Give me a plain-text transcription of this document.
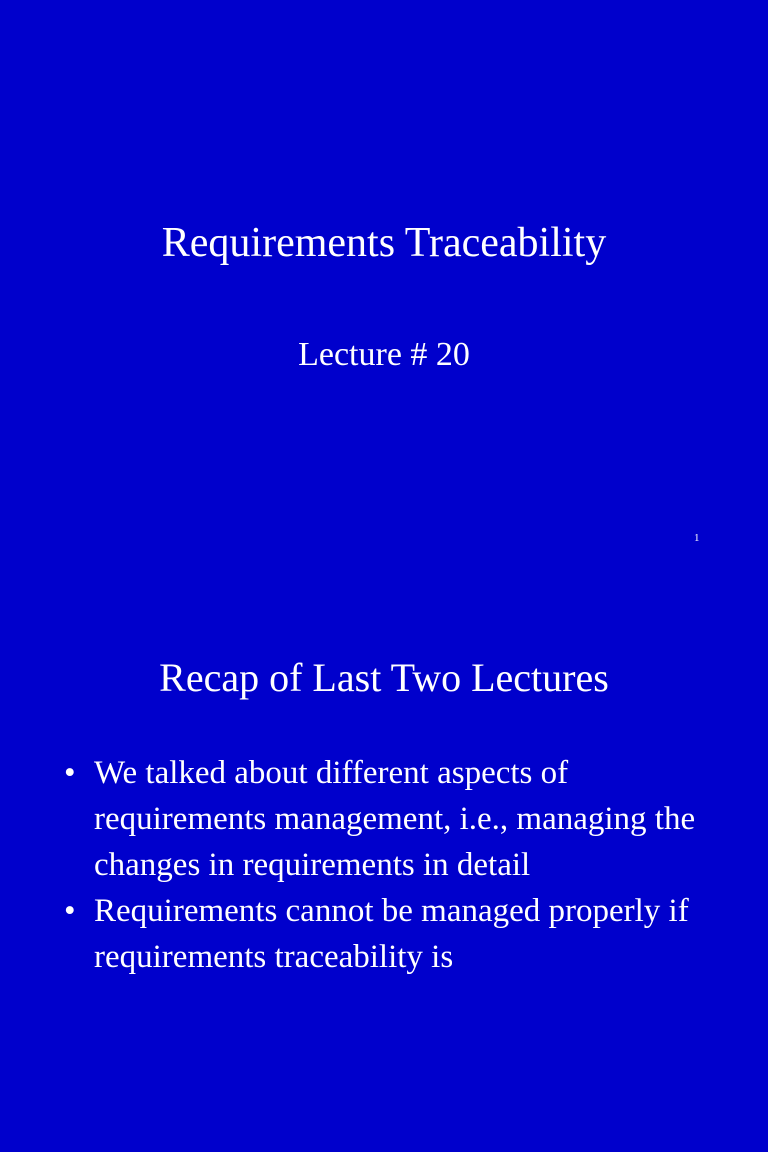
Requirements Traceability
Lecture # 20
1
Recap of Last Two Lectures
• We talked about different aspects of requirements management, i.e., managing the changes in requirements in detail
• Requirements cannot be managed properly if requirements traceability is
